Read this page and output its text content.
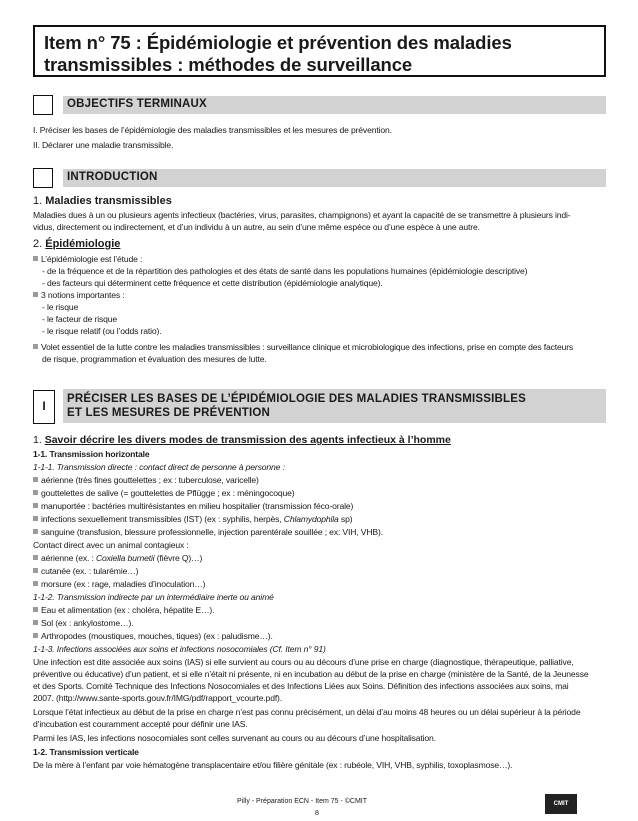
Item n° 75 : Épidémiologie et prévention des maladies
transmissibles : méthodes de surveillance
OBJECTIFS TERMINAUX
I. Préciser les bases de l’épidémiologie des maladies transmissibles et les mesures de prévention.
II. Déclarer une maladie transmissible.
INTRODUCTION
1. Maladies transmissibles
Maladies dues à un ou plusieurs agents infectieux (bactéries, virus, parasites, champignons) et ayant la capacité de se transmettre à plusieurs indi-
vidus, directement ou indirectement, et d’un individu à un autre, au sein d’une même espèce ou d’une espèce à une autre.
2. Épidémiologie
L’épidémiologie est l’étude :
- de la fréquence et de la répartition des pathologies et des états de santé dans les populations humaines (épidémiologie descriptive)
- des facteurs qui déterminent cette fréquence et cette distribution (épidémiologie analytique).
3 notions importantes :
- le risque
- le facteur de risque
- le risque relatif (ou l’odds ratio).
Volet essentiel de la lutte contre les maladies transmissibles : surveillance clinique et microbiologique des infections, prise en compte des facteurs
de risque, programmation et évaluation des mesures de lutte.
I	PRÉCISER LES BASES DE L’ÉPIDÉMIOLOGIE DES MALADIES TRANSMISSIBLES
ET LES MESURES DE PRÉVENTION
1. Savoir décrire les divers modes de transmission des agents infectieux à l’homme
1-1. Transmission horizontale
1-1-1. Transmission directe : contact direct de personne à personne :
aérienne (très fines gouttelettes ; ex : tuberculose, varicelle)
gouttelettes de salive (= gouttelettes de Pflügge ; ex : méningocoque)
manuportée : bactéries multirésistantes en milieu hospitalier (transmission féco-orale)
infections sexuellement transmissibles (IST) (ex : syphilis, herpès, Chlamydophila sp)
sanguine (transfusion, blessure professionnelle, injection parentérale souillée ; ex: VIH, VHB).
Contact direct avec un animal contagieux :
aérienne (ex. : Coxiella burnetii (fièvre Q)…)
cutanée (ex. : tularémie…)
morsure (ex : rage, maladies d’inoculation…)
1-1-2. Transmission indirecte par un intermédiaire inerte ou animé
Eau et alimentation (ex : choléra, hépatite E…).
Sol (ex : ankylostome…).
Arthropodes (moustiques, mouches, tiques) (ex : paludisme…).
1-1-3. Infections associées aux soins et infections nosocomiales (Cf. Item n° 91)
Une infection est dite associée aux soins (IAS) si elle survient au cours ou au décours d’une prise en charge (diagnostique, thérapeutique, palliative,
préventive ou éducative) d’un patient, et si elle n’était ni présente, ni en incubation au début de la prise en charge (ministère de la Santé, de la Jeunesse
et des Sports. Comité Technique des Infections Nosocomiales et des Infections Liées aux Soins. Définition des infections associées aux soins, mai
2007. (http://www.sante-sports.gouv.fr/IMG/pdf/rapport_vcourte.pdf).
Lorsque l’état infectieux au début de la prise en charge n’est pas connu précisément, un délai d’au moins 48 heures ou un délai supérieur à la période
d’incubation est couramment accepté pour définir une IAS.
Parmi les IAS, les infections nosocomiales sont celles survenant au cours ou au décours d’une hospitalisation.
1-2. Transmission verticale
De la mère à l’enfant par voie hématogène transplacentaire et/ou filière génitale (ex : rubéole, VIH, VHB, syphilis, toxoplasmose…).
Pilly - Préparation ECN - Item 75 - ©CMIT
8
CMIT
